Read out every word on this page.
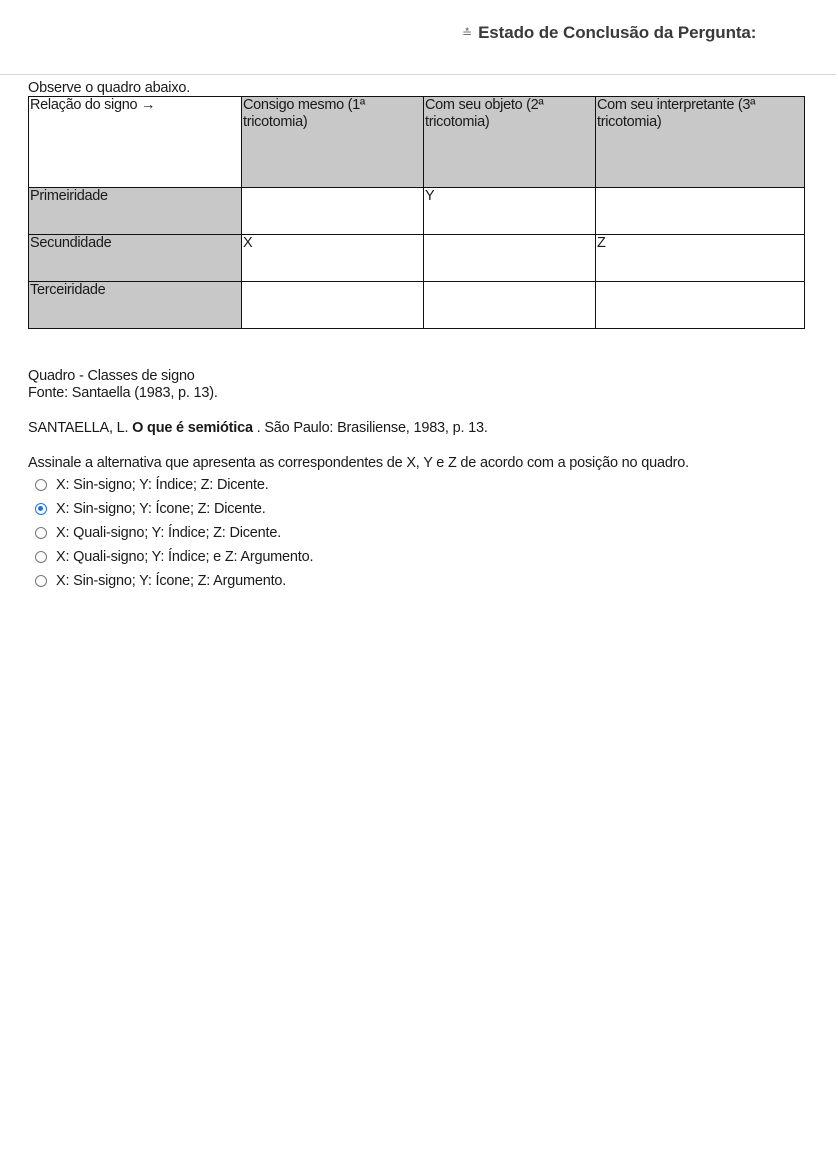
≛ Estado de Conclusão da Pergunta:
Observe o quadro abaixo.
Relação do signo →	Consigo mesmo (1ª tricotomia)	Com seu objeto (2ª tricotomia)	Com seu interpretante (3ª tricotomia)
Primeiridade		Y	
Secundidade	X		Z
Terceiridade			
Quadro - Classes de signo
Fonte: Santaella (1983, p. 13).
SANTAELLA, L. O que é semiótica . São Paulo: Brasiliense, 1983, p. 13.
Assinale a alternativa que apresenta as correspondentes de X, Y e Z de acordo com a posição no quadro.
X: Sin-signo; Y: Índice; Z: Dicente.
X: Sin-signo; Y: Ícone; Z: Dicente.
X: Quali-signo; Y: Índice; Z: Dicente.
X: Quali-signo; Y: Índice; e Z: Argumento.
X: Sin-signo; Y: Ícone; Z: Argumento.
